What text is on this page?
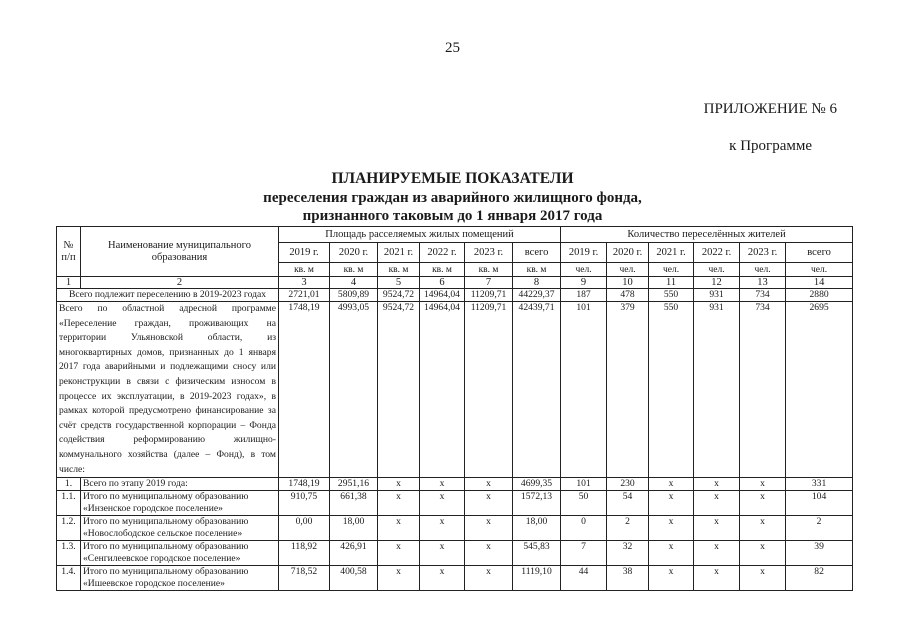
25
ПРИЛОЖЕНИЕ № 6
к Программе
ПЛАНИРУЕМЫЕ ПОКАЗАТЕЛИ
переселения граждан из аварийного жилищного фонда,
признанного таковым до 1 января 2017 года
№ п/п	Наименование муниципального образования	Площадь расселяемых жилых помещений						Количество переселённых жителей					
		2019 г.	2020 г.	2021 г.	2022 г.	2023 г.	всего	2019 г.	2020 г.	2021 г.	2022 г.	2023 г.	всего
		кв. м	кв. м	кв. м	кв. м	кв. м	кв. м	чел.	чел.	чел.	чел.	чел.	чел.
1	2	3	4	5	6	7	8	9	10	11	12	13	14
Всего подлежит переселению в 2019-2023 годах		2721,01	5809,89	9524,72	14964,04	11209,71	44229,37	187	478	550	931	734	2880
Всего по областной адресной программе «Переселение граждан, проживающих на территории Ульяновской области, из многоквартирных домов, признанных до 1 января 2017 года аварийными и подлежащими сносу или реконструкции в связи с физическим износом в процессе их эксплуатации, в 2019-2023 годах», в рамках которой предусмотрено финансирование за счёт средств государственной корпорации – Фонда содействия реформированию жилищно-коммунального хозяйства (далее – Фонд), в том числе:		1748,19	4993,05	9524,72	14964,04	11209,71	42439,71	101	379	550	931	734	2695
1.	Всего по этапу 2019 года:	1748,19	2951,16	x	x	x	4699,35	101	230	x	x	x	331
1.1.	Итого по муниципальному образованию «Инзенское городское поселение»	910,75	661,38	x	x	x	1572,13	50	54	x	x	x	104
1.2.	Итого по муниципальному образованию «Новослободское сельское поселение»	0,00	18,00	x	x	x	18,00	0	2	x	x	x	2
1.3.	Итого по муниципальному образованию «Сенгилеевское городское поселение»	118,92	426,91	x	x	x	545,83	7	32	x	x	x	39
1.4.	Итого по муниципальному образованию «Ишеевское городское поселение»	718,52	400,58	x	x	x	1119,10	44	38	x	x	x	82
